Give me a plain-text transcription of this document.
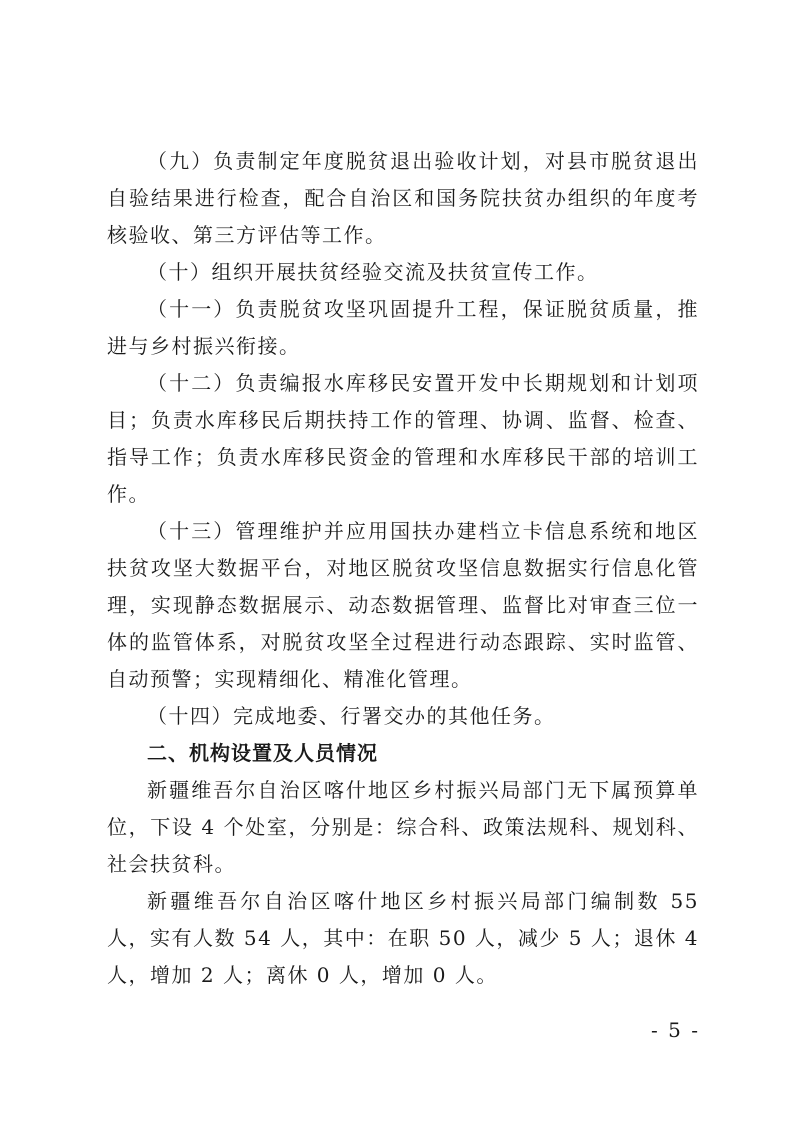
（九）负责制定年度脱贫退出验收计划，对县市脱贫退出自验结果进行检查，配合自治区和国务院扶贫办组织的年度考核验收、第三方评估等工作。

（十）组织开展扶贫经验交流及扶贫宣传工作。

（十一）负责脱贫攻坚巩固提升工程，保证脱贫质量，推进与乡村振兴衔接。

（十二）负责编报水库移民安置开发中长期规划和计划项目；负责水库移民后期扶持工作的管理、协调、监督、检查、指导工作；负责水库移民资金的管理和水库移民干部的培训工作。

（十三）管理维护并应用国扶办建档立卡信息系统和地区扶贫攻坚大数据平台，对地区脱贫攻坚信息数据实行信息化管理，实现静态数据展示、动态数据管理、监督比对审查三位一体的监管体系，对脱贫攻坚全过程进行动态跟踪、实时监管、自动预警；实现精细化、精准化管理。

（十四）完成地委、行署交办的其他任务。

二、机构设置及人员情况

新疆维吾尔自治区喀什地区乡村振兴局部门无下属预算单位，下设 4 个处室，分别是：综合科、政策法规科、规划科、社会扶贫科。

新疆维吾尔自治区喀什地区乡村振兴局部门编制数 55 人，实有人数 54 人，其中：在职 50 人，减少 5 人；退休 4 人，增加 2 人；离休 0 人，增加 0 人。

- 5 -
